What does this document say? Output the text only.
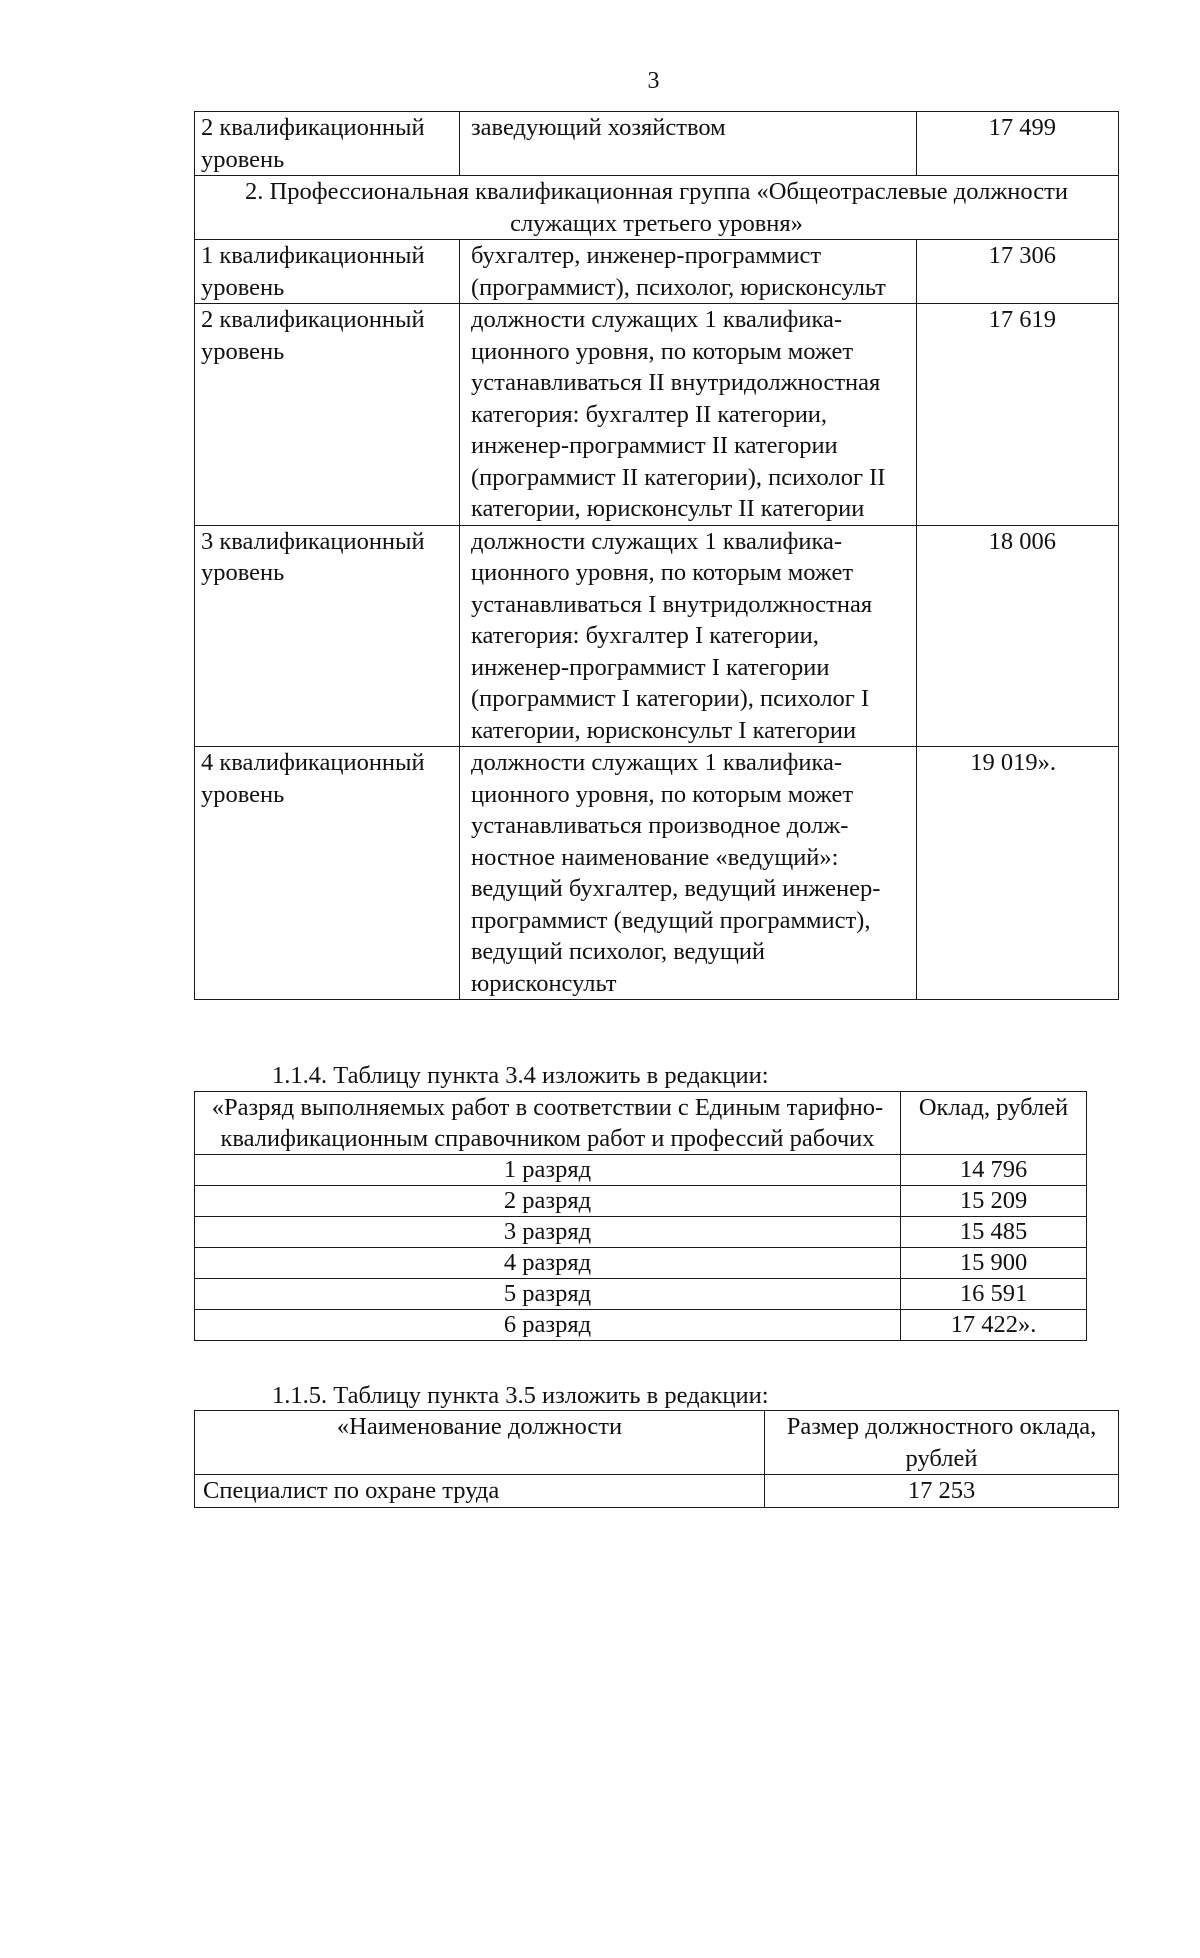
3
2 квалификационный уровень	заведующий хозяйством	17 499
2. Профессиональная квалификационная группа «Общеотраслевые должности служащих третьего уровня»		
1 квалификационный уровень	бухгалтер, инженер-программист (программист), психолог, юрисконсульт	17 306
2 квалификационный уровень	должности служащих 1 квалифика-ционного уровня, по которым может устанавливаться II внутридолжностная категория: бухгалтер II категории, инженер-программист II категории (программист II категории), психолог II категории, юрисконсульт II категории	17 619
3 квалификационный уровень	должности служащих 1 квалифика-ционного уровня, по которым может устанавливаться I внутридолжностная категория: бухгалтер I категории, инженер-программист I категории (программист I категории), психолог I категории, юрисконсульт I категории	18 006
4 квалификационный уровень	должности служащих 1 квалифика-ционного уровня, по которым может устанавливаться производное долж-ностное наименование «ведущий»: ведущий бухгалтер, ведущий инженер-программист (ведущий программист), ведущий психолог, ведущий юрисконсульт	19 019».
1.1.4. Таблицу пункта 3.4 изложить в редакции:
«Разряд выполняемых работ в соответствии с Единым тарифно-квалификационным справочником работ и профессий рабочих	Оклад, рублей
1 разряд	14 796
2 разряд	15 209
3 разряд	15 485
4 разряд	15 900
5 разряд	16 591
6 разряд	17 422».
1.1.5. Таблицу пункта 3.5 изложить в редакции:
«Наименование должности	Размер должностного оклада, рублей
Специалист по охране труда	17 253
